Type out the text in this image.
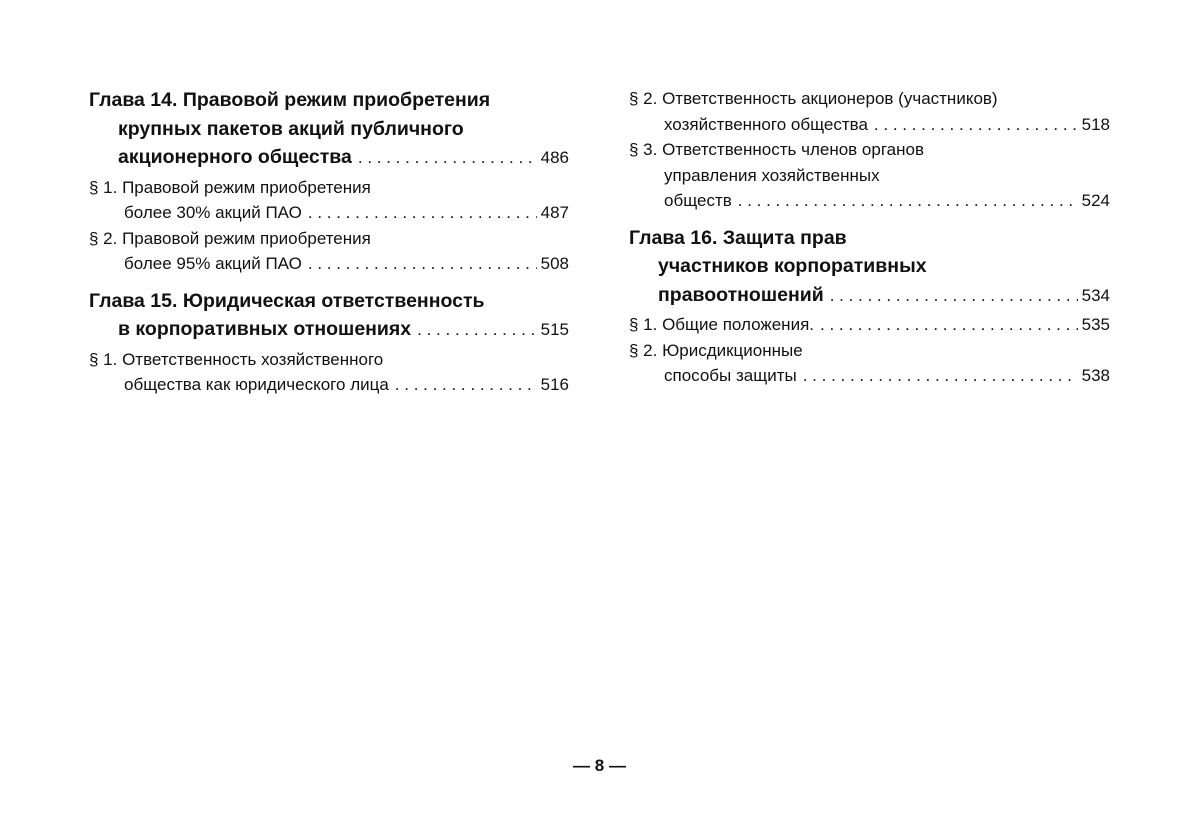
Глава 14. Правовой режим приобретения
крупных пакетов акций публичного
акционерного общества . . .	486
§ 1. Правовой режим приобретения
более 30% акций ПАО . . .	487
§ 2. Правовой режим приобретения
более 95% акций ПАО . . .	508
Глава 15. Юридическая ответственность
в корпоративных отношениях . . .	515
§ 1. Ответственность хозяйственного
общества как юридического лица . . .	516
§ 2. Ответственность акционеров (участников)
хозяйственного общества . . .	518
§ 3. Ответственность членов органов
управления хозяйственных
обществ . . .	524
Глава 16. Защита прав
участников корпоративных
правоотношений . . .	534
§ 1. Общие положения. . . .	535
§ 2. Юрисдикционные
способы защиты . . .	538
— 8 —
